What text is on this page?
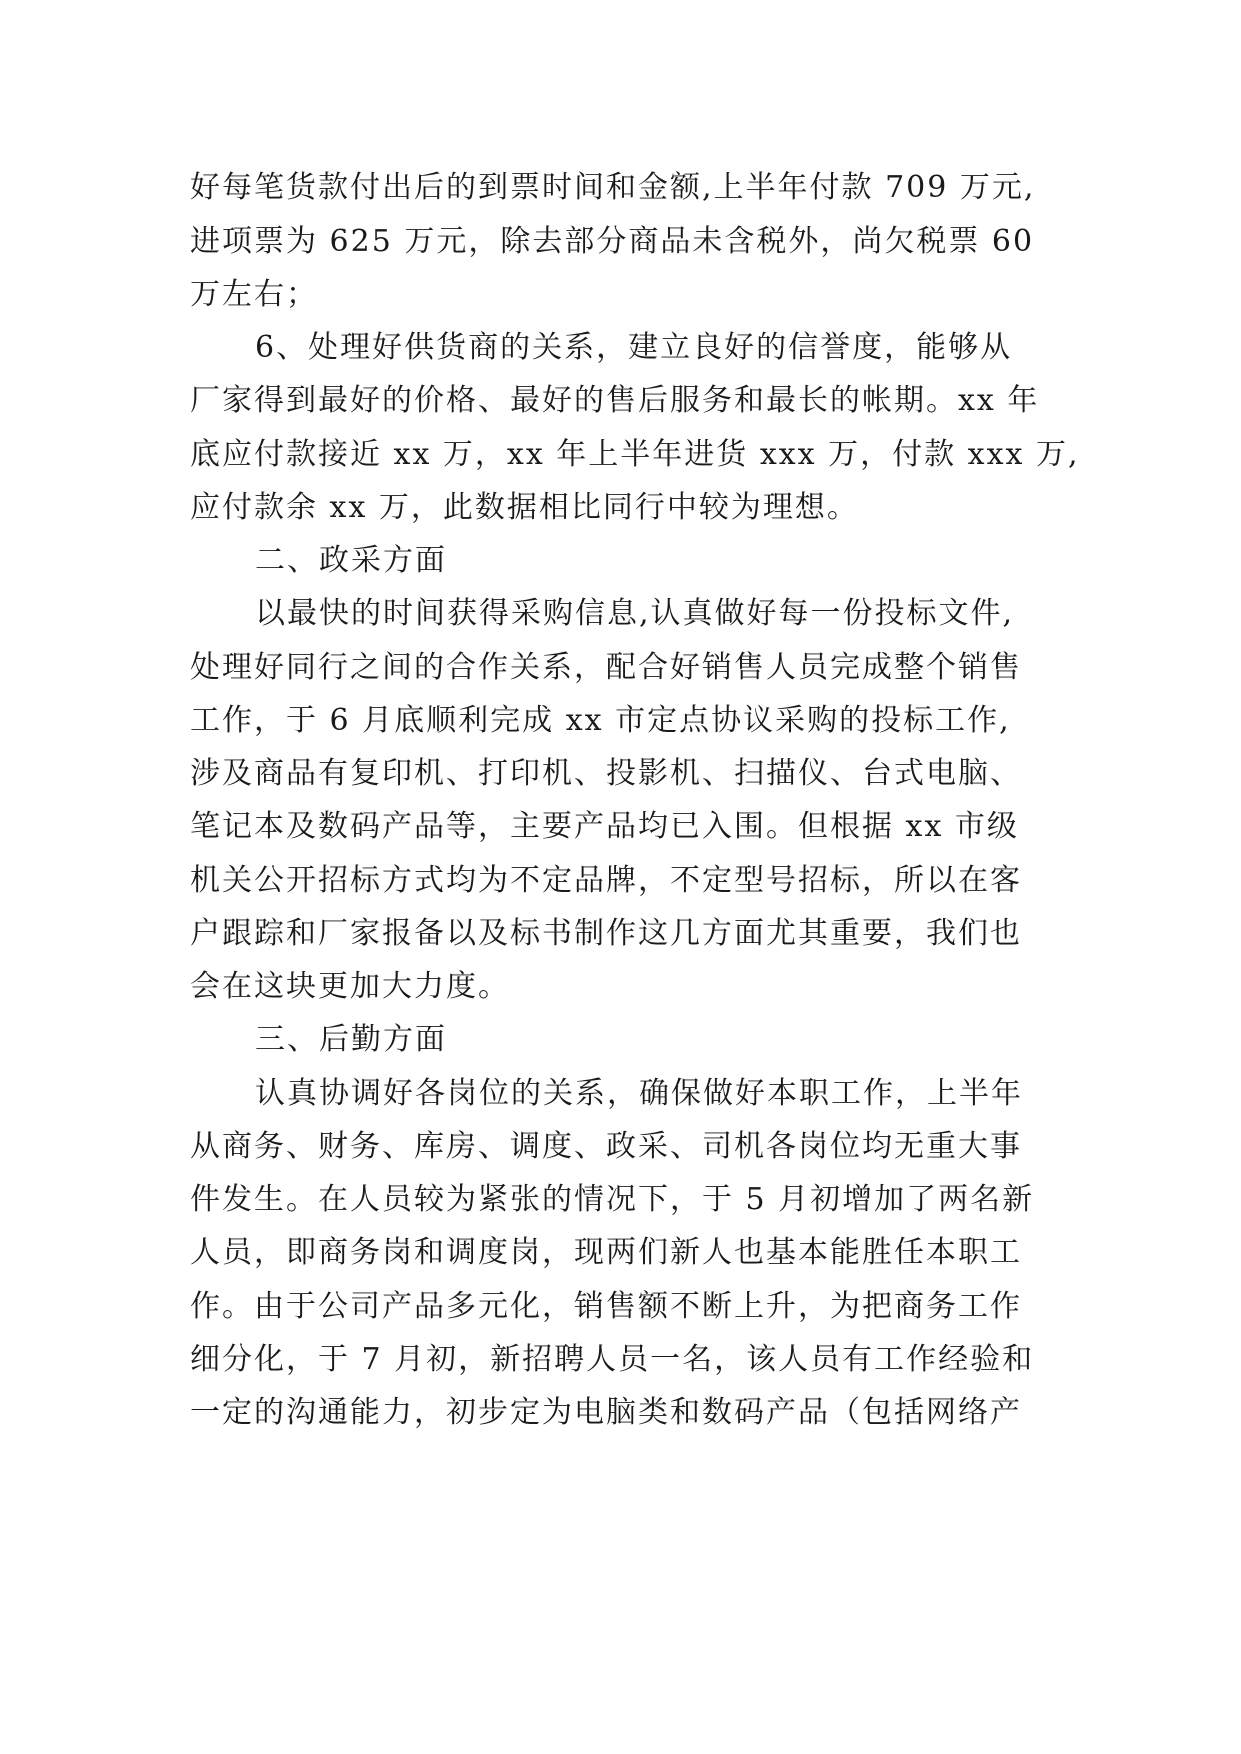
好每笔货款付出后的到票时间和金额,上半年付款 709 万元,

进项票为 625 万元，除去部分商品未含税外，尚欠税票 60

万左右；

6、处理好供货商的关系，建立良好的信誉度，能够从

厂家得到最好的价格、最好的售后服务和最长的帐期。xx 年

底应付款接近 xx 万，xx 年上半年进货 xxx 万，付款 xxx 万,

应付款余 xx 万，此数据相比同行中较为理想。

二、政采方面

以最快的时间获得采购信息,认真做好每一份投标文件,

处理好同行之间的合作关系，配合好销售人员完成整个销售

工作，于 6 月底顺利完成 xx 市定点协议采购的投标工作,

涉及商品有复印机、打印机、投影机、扫描仪、台式电脑、

笔记本及数码产品等，主要产品均已入围。但根据 xx 市级

机关公开招标方式均为不定品牌，不定型号招标，所以在客

户跟踪和厂家报备以及标书制作这几方面尤其重要，我们也

会在这块更加大力度。

三、后勤方面

认真协调好各岗位的关系，确保做好本职工作，上半年

从商务、财务、库房、调度、政采、司机各岗位均无重大事

件发生。在人员较为紧张的情况下，于 5 月初增加了两名新

人员，即商务岗和调度岗，现两们新人也基本能胜任本职工

作。由于公司产品多元化，销售额不断上升，为把商务工作

细分化，于 7 月初，新招聘人员一名，该人员有工作经验和

一定的沟通能力，初步定为电脑类和数码产品（包括网络产
